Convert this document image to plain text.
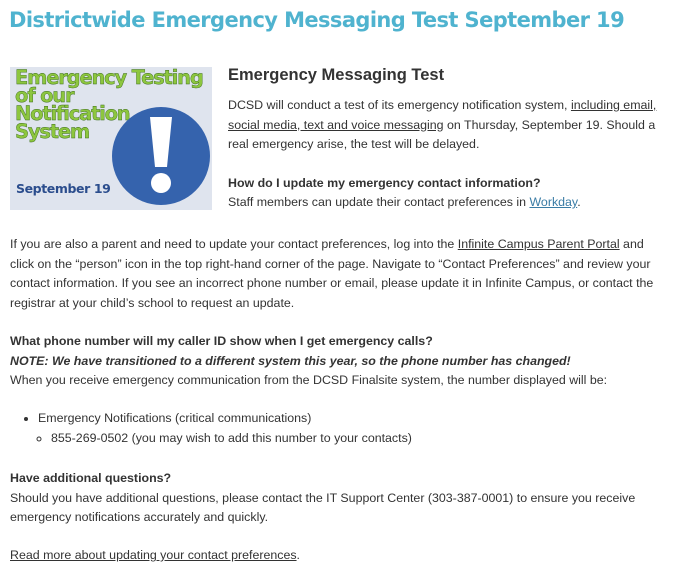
Districtwide Emergency Messaging Test September 19
Emergency Testing
of our
Notification
System
September 19
Emergency Messaging Test

DCSD will conduct a test of its emergency notification system, including email, social media, text and voice messaging on Thursday, September 19. Should a real emergency arise, the test will be delayed.

How do I update my emergency contact information?

Staff members can update their contact preferences in Workday.

If you are also a parent and need to update your contact preferences, log into the Infinite Campus Parent Portal and click on the “person” icon in the top right-hand corner of the page. Navigate to “Contact Preferences” and review your contact information. If you see an incorrect phone number or email, please update it in Infinite Campus, or contact the registrar at your child’s school to request an update.

What phone number will my caller ID show when I get emergency calls?

NOTE: We have transitioned to a different system this year, so the phone number has changed!

When you receive emergency communication from the DCSD Finalsite system, the number displayed will be:

• Emergency Notifications (critical communications)
◦ 855-269-0502 (you may wish to add this number to your contacts)

Have additional questions?

Should you have additional questions, please contact the IT Support Center (303-387-0001) to ensure you receive emergency notifications accurately and quickly.

Read more about updating your contact preferences.
